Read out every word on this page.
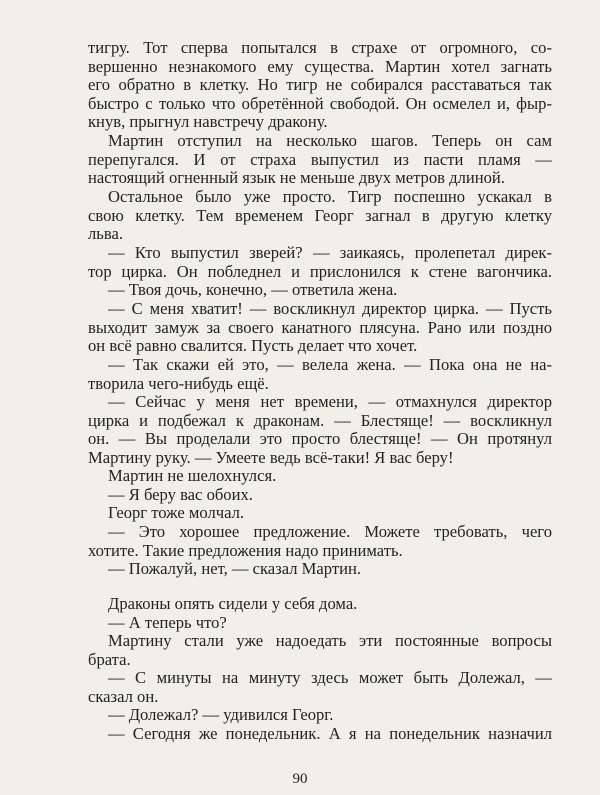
тигру. Тот сперва попытался в страхе от огромного, со-
вершенно незнакомого ему существа. Мартин хотел загнать
его обратно в клетку. Но тигр не собирался расставаться так
быстро с только что обретённой свободой. Он осмелел и, фыр-
кнув, прыгнул навстречу дракону.
Мартин отступил на несколько шагов. Теперь он сам
перепугался. И от страха выпустил из пасти пламя —
настоящий огненный язык не меньше двух метров длиной.
Остальное было уже просто. Тигр поспешно ускакал в
свою клетку. Тем временем Георг загнал в другую клетку
льва.
— Кто выпустил зверей? — заикаясь, пролепетал дирек-
тор цирка. Он побледнел и прислонился к стене вагончика.
— Твоя дочь, конечно, — ответила жена.
— С меня хватит! — воскликнул директор цирка. — Пусть
выходит замуж за своего канатного плясуна. Рано или поздно
он всё равно свалится. Пусть делает что хочет.
— Так скажи ей это, — велела жена. — Пока она не на-
творила чего-нибудь ещё.
— Сейчас у меня нет времени, — отмахнулся директор
цирка и подбежал к драконам. — Блестяще! — воскликнул
он. — Вы проделали это просто блестяще! — Он протянул
Мартину руку. — Умеете ведь всё-таки! Я вас беру!
Мартин не шелохнулся.
— Я беру вас обоих.
Георг тоже молчал.
— Это хорошее предложение. Можете требовать, чего
хотите. Такие предложения надо принимать.
— Пожалуй, нет, — сказал Мартин.
Драконы опять сидели у себя дома.
— А теперь что?
Мартину стали уже надоедать эти постоянные вопросы
брата.
— С минуты на минуту здесь может быть Долежал, —
сказал он.
— Долежал? — удивился Георг.
— Сегодня же понедельник. А я на понедельник назначил
90
